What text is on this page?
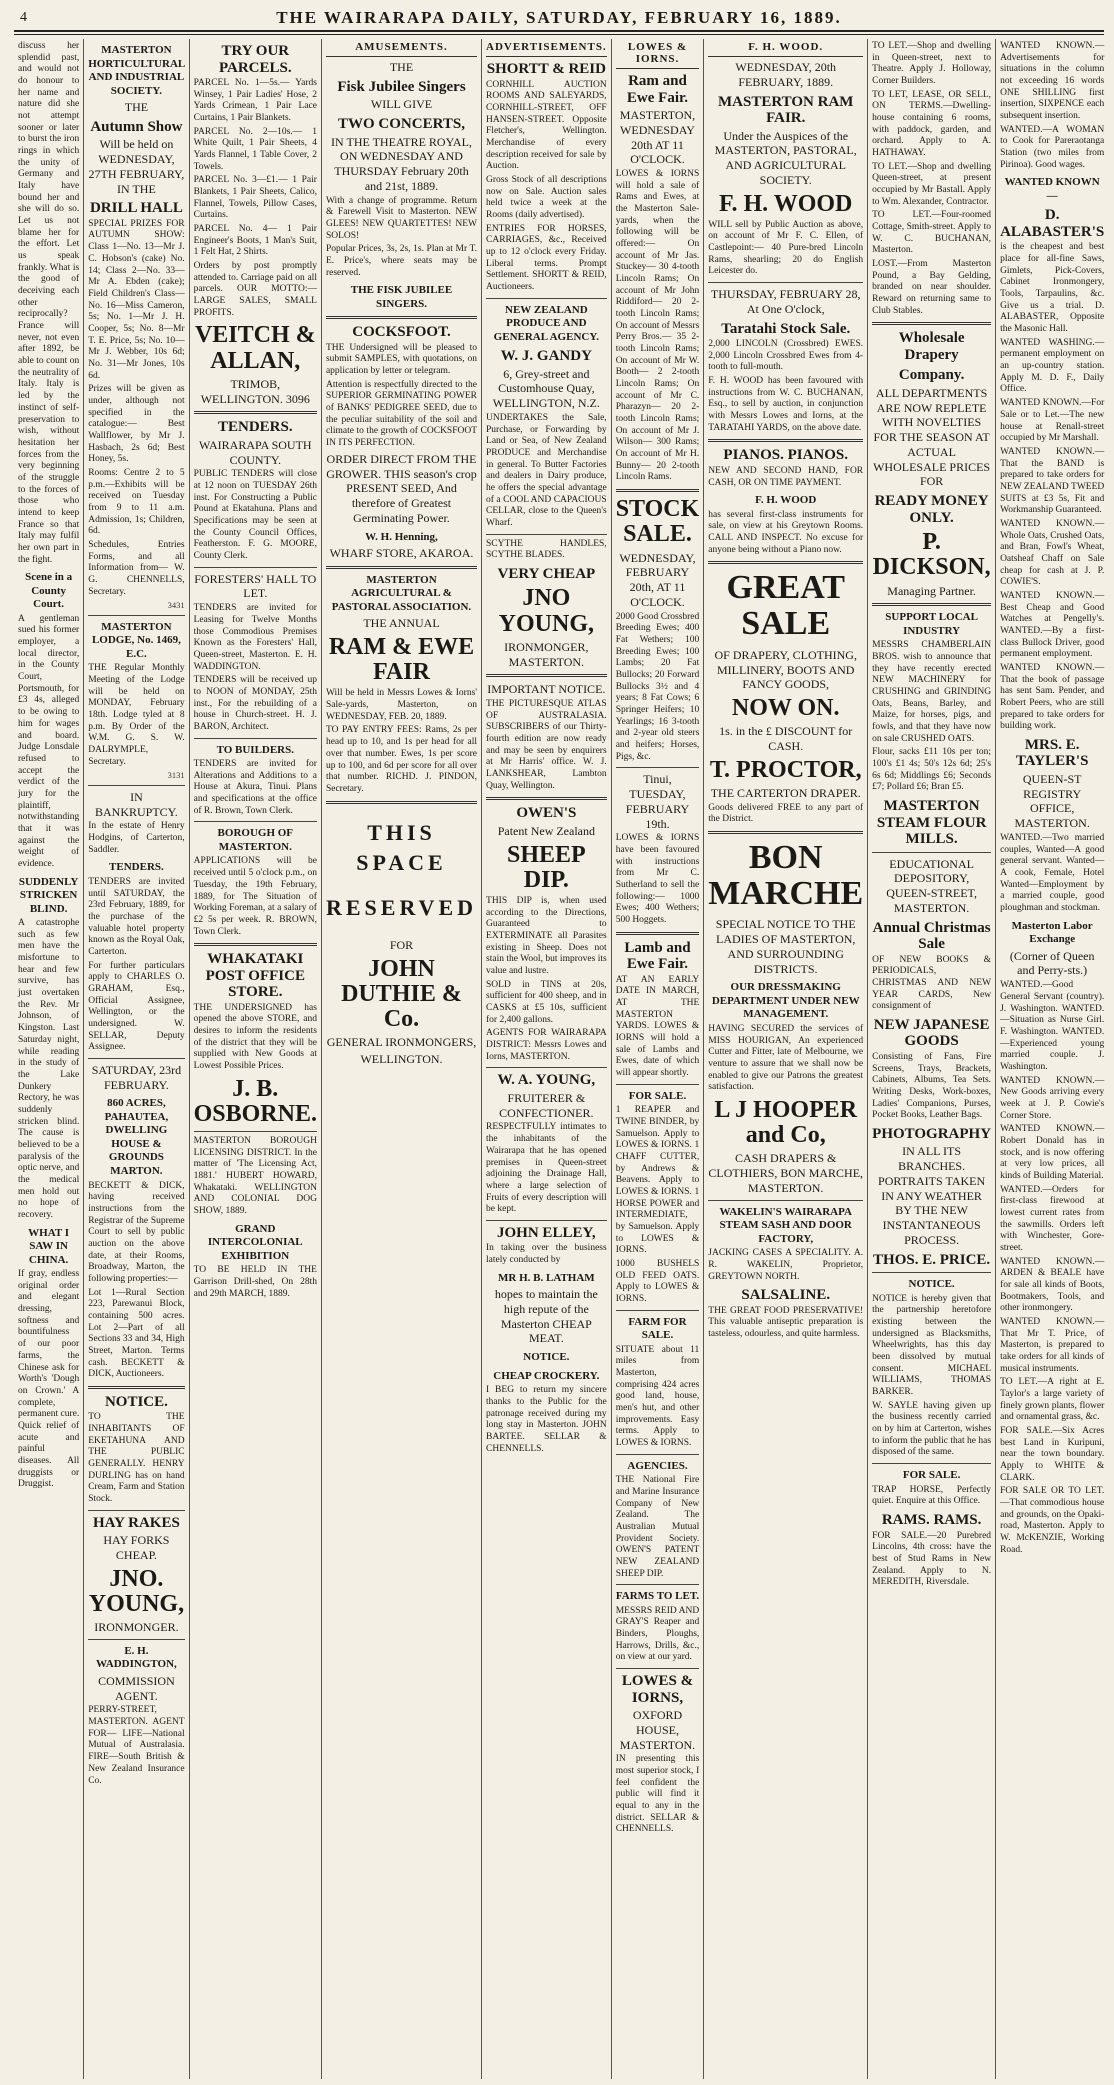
4	THE WAIRARAPA DAILY, SATURDAY, FEBRUARY 16, 1889.

discuss her splendid past, and would not do honour to her name and nature did she not attempt sooner or later to burst the iron rings in which the unity of Germany and Italy have bound her and she will do so. Let us not blame her for the effort. Let us speak frankly. What is the good of deceiving each other reciprocally? France will never, not even after 1892, be able to count on the neutrality of Italy. Italy is led by the instinct of self-preservation to wish, without hesitation her forces from the very beginning of the struggle to the forces of those who intend to keep France so that Italy may fulfil her own part in the fight.

Scene in a County Court.

A gentleman sued his former employer, a local director, in the County Court, Portsmouth, for £3 4s, alleged to be owing to him for wages and board. Judge Lonsdale refused to accept the verdict of the jury for the plaintiff, notwithstanding that it was against the weight of evidence.

SUDDENLY STRICKEN BLIND.

A catastrophe such as few men have the misfortune to hear and few survive, has just overtaken the Rev. Mr Johnson, of Kingston. Last Saturday night, while reading in the study of the Lake Dunkery Rectory, he was suddenly stricken blind. The cause is believed to be a paralysis of the optic nerve, and the medical men hold out no hope of recovery.

WHAT I SAW IN CHINA.

If gray, endless original order and elegant dressing, softness and bountifulness of our poor farms, the Chinese ask for Worth's 'Dough on Crown.' A complete, permanent cure. Quick relief of acute and painful diseases. All druggists or Druggist.

MASTERTON HORTICULTURAL AND INDUSTRIAL SOCIETY.
THE
Autumn Show
Will be held on WEDNESDAY, 27TH FEBRUARY, IN THE
DRILL HALL

SPECIAL PRIZES FOR AUTUMN SHOW: Class 1—No. 13—Mr J. C. Hobson's (cake) No. 14; Class 2—No. 33—Mr A. Ebden (cake); Field Children's Class—No. 16—Miss Cameron, 5s; No. 1—Mr J. H. Cooper, 5s; No. 8—Mr T. E. Price, 5s; No. 10—Mr J. Webber, 10s 6d; No. 31—Mr Jones, 10s 6d.

Prizes will be given as under, although not specified in the catalogue:— Best Wallflower, by Mr J. Hasbach, 2s 6d; Best Honey, 5s.

Rooms: Centre 2 to 5 p.m.—Exhibits will be received on Tuesday from 9 to 11 a.m. Admission, 1s; Children, 6d.

Schedules, Entries Forms, and all Information from— W. G. CHENNELLS, Secretary.

3431
MASTERTON LODGE, No. 1469, E.C.

THE Regular Monthly Meeting of the Lodge will be held on MONDAY, February 18th. Lodge tyled at 8 p.m. By Order of the W.M. G. S. W. DALRYMPLE, Secretary.

3131
IN BANKRUPTCY.

In the estate of Henry Hodgins, of Carterton, Saddler.

TENDERS.

TENDERS are invited until SATURDAY, the 23rd February, 1889, for the purchase of the valuable hotel property known as the Royal Oak, Carterton.

For further particulars apply to CHARLES O. GRAHAM, Esq., Official Assignee, Wellington, or the undersigned. W. SELLAR, Deputy Assignee.

SATURDAY, 23rd FEBRUARY.
860 ACRES, PAHAUTEA, DWELLING HOUSE & GROUNDS MARTON.

BECKETT & DICK, having received instructions from the Registrar of the Supreme Court to sell by public auction on the above date, at their Rooms, Broadway, Marton, the following properties:—

Lot 1—Rural Section 223, Parewanui Block, containing 500 acres. Lot 2—Part of all Sections 33 and 34, High Street, Marton. Terms cash. BECKETT & DICK, Auctioneers.

NOTICE.

TO THE INHABITANTS OF EKETAHUNA AND THE PUBLIC GENERALLY. HENRY DURLING has on hand Cream, Farm and Station Stock.

HAY RAKES
HAY FORKS CHEAP.
JNO. YOUNG,
IRONMONGER.
E. H. WADDINGTON,
COMMISSION AGENT.

PERRY-STREET, MASTERTON. AGENT FOR— LIFE—National Mutual of Australasia. FIRE—South British & New Zealand Insurance Co.

TRY OUR PARCELS.

PARCEL No. 1—5s.— Yards Winsey, 1 Pair Ladies' Hose, 2 Yards Crimean, 1 Pair Lace Curtains, 1 Pair Blankets.

PARCEL No. 2—10s.— 1 White Quilt, 1 Pair Sheets, 4 Yards Flannel, 1 Table Cover, 2 Towels.

PARCEL No. 3—£1.— 1 Pair Blankets, 1 Pair Sheets, Calico, Flannel, Towels, Pillow Cases, Curtains.

PARCEL No. 4— 1 Pair Engineer's Boots, 1 Man's Suit, 1 Felt Hat, 2 Shirts.

Orders by post promptly attended to. Carriage paid on all parcels. OUR MOTTO:—LARGE SALES, SMALL PROFITS.

VEITCH & ALLAN,
TRIMOB, WELLINGTON. 3096
TENDERS.
WAIRARAPA SOUTH COUNTY.

PUBLIC TENDERS will close at 12 noon on TUESDAY 26th inst. For Constructing a Public Pound at Ekatahuna. Plans and Specifications may be seen at the County Council Offices, Featherston. F. G. MOORE, County Clerk.

FORESTERS' HALL TO LET.

TENDERS are invited for Leasing for Twelve Months those Commodious Premises Known as the Foresters' Hall, Queen-street, Masterton. E. H. WADDINGTON.

TENDERS will be received up to NOON of MONDAY, 25th inst., For the rebuilding of a house in Church-street. H. J. BARON, Architect.

TO BUILDERS.

TENDERS are invited for Alterations and Additions to a House at Akura, Tinui. Plans and specifications at the office of R. Brown, Town Clerk.

BOROUGH OF MASTERTON.

APPLICATIONS will be received until 5 o'clock p.m., on Tuesday, the 19th February, 1889, for The Situation of Working Foreman, at a salary of £2 5s per week. R. BROWN, Town Clerk.

WHAKATAKI POST OFFICE STORE.

THE UNDERSIGNED has opened the above STORE, and desires to inform the residents of the district that they will be supplied with New Goods at Lowest Possible Prices.

J. B. OSBORNE.

MASTERTON BOROUGH LICENSING DISTRICT. In the matter of 'The Licensing Act, 1881.' HUBERT HOWARD, Whakataki. WELLINGTON AND COLONIAL DOG SHOW, 1889.

GRAND INTERCOLONIAL EXHIBITION

TO BE HELD IN THE Garrison Drill-shed, On 28th and 29th MARCH, 1889.

AMUSEMENTS.
THE
Fisk Jubilee Singers
WILL GIVE
TWO CONCERTS,
IN THE THEATRE ROYAL, ON WEDNESDAY AND THURSDAY February 20th and 21st, 1889.

With a change of programme. Return & Farewell Visit to Masterton. NEW GLEES! NEW QUARTETTES! NEW SOLOS!

Popular Prices, 3s, 2s, 1s. Plan at Mr T. E. Price's, where seats may be reserved.

THE FISK JUBILEE SINGERS.
COCKSFOOT.

THE Undersigned will be pleased to submit SAMPLES, with quotations, on application by letter or telegram.

Attention is respectfully directed to the SUPERIOR GERMINATING POWER of BANKS' PEDIGREE SEED, due to the peculiar suitability of the soil and climate to the growth of COCKSFOOT IN ITS PERFECTION.

ORDER DIRECT FROM THE GROWER. THIS season's crop PRESENT SEED, And therefore of Greatest Germinating Power.
W. H. Henning,
WHARF STORE, AKAROA.
MASTERTON AGRICULTURAL & PASTORAL ASSOCIATION.
THE ANNUAL
RAM & EWE FAIR

Will be held in Messrs Lowes & Iorns' Sale-yards, Masterton, on WEDNESDAY, FEB. 20, 1889.

TO PAY ENTRY FEES: Rams, 2s per head up to 10, and 1s per head for all over that number. Ewes, 1s per score up to 100, and 6d per score for all over that number. RICHD. J. PINDON, Secretary.

THIS SPACE
RESERVED
FOR
JOHN DUTHIE & Co.
GENERAL IRONMONGERS,
WELLINGTON.
ADVERTISEMENTS.
SHORTT & REID

CORNHILL AUCTION ROOMS AND SALEYARDS, CORNHILL-STREET, OFF HANSEN-STREET. Opposite Fletcher's, Wellington. Merchandise of every description received for sale by Auction.

Gross Stock of all descriptions now on Sale. Auction sales held twice a week at the Rooms (daily advertised).

ENTRIES FOR HORSES, CARRIAGES, &c., Received up to 12 o'clock every Friday. Liberal terms. Prompt Settlement. SHORTT & REID, Auctioneers.

NEW ZEALAND PRODUCE AND GENERAL AGENCY.
W. J. GANDY
6, Grey-street and Customhouse Quay, WELLINGTON, N.Z.

UNDERTAKES the Sale, Purchase, or Forwarding by Land or Sea, of New Zealand PRODUCE and Merchandise in general. To Butter Factories and dealers in Dairy produce, he offers the special advantage of a COOL AND CAPACIOUS CELLAR, close to the Queen's Wharf.

SCYTHE HANDLES, SCYTHE BLADES.

VERY CHEAP
JNO YOUNG,
IRONMONGER, MASTERTON.
IMPORTANT NOTICE.

THE PICTURESQUE ATLAS OF AUSTRALASIA. SUBSCRIBERS of our Thirty-fourth edition are now ready and may be seen by enquirers at Mr Harris' office. W. J. LANKSHEAR, Lambton Quay, Wellington.

OWEN'S
Patent New Zealand
SHEEP DIP.

THIS DIP is, when used according to the Directions, Guaranteed to EXTERMINATE all Parasites existing in Sheep. Does not stain the Wool, but improves its value and lustre.

SOLD in TINS at 20s, sufficient for 400 sheep, and in CASKS at £5 10s, sufficient for 2,400 gallons.

AGENTS FOR WAIRARAPA DISTRICT: Messrs Lowes and Iorns, MASTERTON.

W. A. YOUNG,
FRUITERER & CONFECTIONER.

RESPECTFULLY intimates to the inhabitants of the Wairarapa that he has opened premises in Queen-street adjoining the Drainage Hall, where a large selection of Fruits of every description will be kept.

JOHN ELLEY,

In taking over the business lately conducted by

MR H. B. LATHAM
hopes to maintain the high repute of the Masterton CHEAP MEAT.
NOTICE.
CHEAP CROCKERY.

I BEG to return my sincere thanks to the Public for the patronage received during my long stay in Masterton. JOHN BARTEE. SELLAR & CHENNELLS.

LOWES & IORNS.
Ram and Ewe Fair.
MASTERTON, WEDNESDAY 20th AT 11 O'CLOCK.

LOWES & IORNS will hold a sale of Rams and Ewes, at the Masterton Sale-yards, when the following will be offered:— On account of Mr Jas. Stuckey— 30 4-tooth Lincoln Rams; On account of Mr John Riddiford— 20 2-tooth Lincoln Rams; On account of Messrs Perry Bros.— 35 2-tooth Lincoln Rams; On account of Mr W. Booth— 2 2-tooth Lincoln Rams; On account of Mr C. Pharazyn— 20 2-tooth Lincoln Rams; On account of Mr J. Wilson— 300 Rams; On account of Mr H. Bunny— 20 2-tooth Lincoln Rams.

STOCK SALE.
WEDNESDAY, FEBRUARY 20th, AT 11 O'CLOCK.

2000 Good Crossbred Breeding Ewes; 400 Fat Wethers; 100 Breeding Ewes; 100 Lambs; 20 Fat Bullocks; 20 Forward Bullocks 3½ and 4 years; 8 Fat Cows; 6 Springer Heifers; 10 Yearlings; 16 3-tooth and 2-year old steers and heifers; Horses, Pigs, &c.

Tinui, TUESDAY, FEBRUARY 19th.

LOWES & IORNS have been favoured with instructions from Mr C. Sutherland to sell the following:— 1000 Ewes; 400 Wethers; 500 Hoggets.

Lamb and Ewe Fair.

AT AN EARLY DATE IN MARCH, AT THE MASTERTON YARDS. LOWES & IORNS will hold a sale of Lambs and Ewes, date of which will appear shortly.

FOR SALE.

1 REAPER and TWINE BINDER, by Samuelson. Apply to LOWES & IORNS. 1 CHAFF CUTTER, by Andrews & Beavens. Apply to LOWES & IORNS. 1 HORSE POWER and INTERMEDIATE, by Samuelson. Apply to LOWES & IORNS.

1000 BUSHELS OLD FEED OATS. Apply to LOWES & IORNS.

FARM FOR SALE.

SITUATE about 11 miles from Masterton, comprising 424 acres good land, house, men's hut, and other improvements. Easy terms. Apply to LOWES & IORNS.

AGENCIES.

THE National Fire and Marine Insurance Company of New Zealand. The Australian Mutual Provident Society. OWEN'S PATENT NEW ZEALAND SHEEP DIP.

FARMS TO LET.

MESSRS REID AND GRAY'S Reaper and Binders, Ploughs, Harrows, Drills, &c., on view at our yard.

LOWES & IORNS,
OXFORD HOUSE, MASTERTON.

IN presenting this most superior stock, I feel confident the public will find it equal to any in the district. SELLAR & CHENNELLS.

F. H. WOOD.
WEDNESDAY, 20th FEBRUARY, 1889.
MASTERTON RAM FAIR.
Under the Auspices of the MASTERTON, PASTORAL, AND AGRICULTURAL SOCIETY.
F. H. WOOD

WILL sell by Public Auction as above, on account of Mr F. C. Ellen, of Castlepoint:— 40 Pure-bred Lincoln Rams, shearling; 20 do English Leicester do.

THURSDAY, FEBRUARY 28, At One O'clock,
Taratahi Stock Sale.

2,000 LINCOLN (Crossbred) EWES. 2,000 Lincoln Crossbred Ewes from 4-tooth to full-mouth.

F. H. WOOD has been favoured with instructions from W. C. BUCHANAN, Esq., to sell by auction, in conjunction with Messrs Lowes and Iorns, at the TARATAHI YARDS, on the above date.

PIANOS. PIANOS.

NEW AND SECOND HAND, FOR CASH, OR ON TIME PAYMENT.

F. H. WOOD

has several first-class instruments for sale, on view at his Greytown Rooms. CALL AND INSPECT. No excuse for anyone being without a Piano now.

GREAT SALE
OF DRAPERY, CLOTHING, MILLINERY, BOOTS AND FANCY GOODS,
NOW ON.
1s. in the £ DISCOUNT for CASH.
T. PROCTOR,
THE CARTERTON DRAPER.

Goods delivered FREE to any part of the District.

BON MARCHE
SPECIAL NOTICE TO THE LADIES OF MASTERTON, AND SURROUNDING DISTRICTS.
OUR DRESSMAKING DEPARTMENT UNDER NEW MANAGEMENT.

HAVING SECURED the services of MISS HOURIGAN, An experienced Cutter and Fitter, late of Melbourne, we venture to assure that we shall now be enabled to give our Patrons the greatest satisfaction.

L J HOOPER and Co,
CASH DRAPERS & CLOTHIERS, BON MARCHE, MASTERTON.
WAKELIN'S WAIRARAPA STEAM SASH AND DOOR FACTORY,

JACKING CASES A SPECIALITY. A. R. WAKELIN, Proprietor, GREYTOWN NORTH.

SALSALINE.

THE GREAT FOOD PRESERVATIVE! This valuable antiseptic preparation is tasteless, odourless, and quite harmless.

TO LET.—Shop and dwelling in Queen-street, next to Theatre. Apply J. Holloway, Corner Builders.

TO LET, LEASE, OR SELL, ON TERMS.—Dwelling-house containing 6 rooms, with paddock, garden, and orchard. Apply to A. HATHAWAY.

TO LET.—Shop and dwelling Queen-street, at present occupied by Mr Bastall. Apply to Wm. Alexander, Contractor.

TO LET.—Four-roomed Cottage, Smith-street. Apply to W. C. BUCHANAN, Masterton.

LOST.—From Masterton Pound, a Bay Gelding, branded on near shoulder. Reward on returning same to Club Stables.

Wholesale Drapery
Company.
ALL DEPARTMENTS ARE NOW REPLETE WITH NOVELTIES FOR THE SEASON AT ACTUAL WHOLESALE PRICES FOR
READY MONEY ONLY.
P. DICKSON,
Managing Partner.
SUPPORT LOCAL INDUSTRY

MESSRS CHAMBERLAIN BROS. wish to announce that they have recently erected NEW MACHINERY for CRUSHING and GRINDING Oats, Beans, Barley, and Maize, for horses, pigs, and fowls, and that they have now on sale CRUSHED OATS.

Flour, sacks £11 10s per ton; 100's £1 4s; 50's 12s 6d; 25's 6s 6d; Middlings £6; Seconds £7; Pollard £6; Bran £5.

MASTERTON STEAM FLOUR MILLS.
EDUCATIONAL DEPOSITORY, QUEEN-STREET, MASTERTON.
Annual Christmas Sale

OF NEW BOOKS & PERIODICALS, CHRISTMAS AND NEW YEAR CARDS, New consignment of

NEW JAPANESE GOODS

Consisting of Fans, Fire Screens, Trays, Brackets, Cabinets, Albums, Tea Sets. Writing Desks, Work-boxes, Ladies' Companions, Purses, Pocket Books, Leather Bags.

PHOTOGRAPHY
IN ALL ITS BRANCHES. PORTRAITS TAKEN IN ANY WEATHER BY THE NEW INSTANTANEOUS PROCESS.
THOS. E. PRICE.
NOTICE.

NOTICE is hereby given that the partnership heretofore existing between the undersigned as Blacksmiths, Wheelwrights, has this day been dissolved by mutual consent. MICHAEL WILLIAMS, THOMAS BARKER.

W. SAYLE having given up the business recently carried on by him at Carterton, wishes to inform the public that he has disposed of the same.

FOR SALE.

TRAP HORSE, Perfectly quiet. Enquire at this Office.

RAMS. RAMS.

FOR SALE.—20 Purebred Lincolns, 4th cross: have the best of Stud Rams in New Zealand. Apply to N. MEREDITH, Riversdale.

WANTED KNOWN.—Advertisements for situations in the column not exceeding 16 words ONE SHILLING first insertion, SIXPENCE each subsequent insertion.

WANTED.—A WOMAN to Cook for Pareraotanga Station (two miles from Pirinoa). Good wages.

WANTED KNOWN—
D. ALABASTER'S

is the cheapest and best place for all-fine Saws, Gimlets, Pick-Covers, Cabinet Ironmongery, Tools, Tarpaulins, &c. Give us a trial. D. ALABASTER, Opposite the Masonic Hall.

WANTED WASHING.—permanent employment on an up-country station. Apply M. D. F., Daily Office.

WANTED KNOWN.—For Sale or to Let.—The new house at Renall-street occupied by Mr Marshall.

WANTED KNOWN.—That the BAND is prepared to take orders for NEW ZEALAND TWEED SUITS at £3 5s, Fit and Workmanship Guaranteed.

WANTED KNOWN.—Whole Oats, Crushed Oats, and Bran, Fowl's Wheat, Oatsheaf Chaff on Sale cheap for cash at J. P. COWIE'S.

WANTED KNOWN.—Best Cheap and Good Watches at Pengelly's. WANTED.—By a first-class Bullock Driver, good permanent employment.

WANTED KNOWN.—That the book of passage has sent Sam. Pender, and Robert Peers, who are still prepared to take orders for building work.

MRS. E. TAYLER'S
QUEEN-ST REGISTRY OFFICE, MASTERTON.

WANTED.—Two married couples, Wanted—A good general servant. Wanted—A cook, Female, Hotel Wanted—Employment by a married couple, good ploughman and stockman.

Masterton Labor Exchange
(Corner of Queen and Perry-sts.)

WANTED.—Good General Servant (country). J. Washington. WANTED.—Situation as Nurse Girl. F. Washington. WANTED.—Experienced young married couple. J. Washington.

WANTED KNOWN.—New Goods arriving every week at J. P. Cowie's Corner Store.

WANTED KNOWN.—Robert Donald has in stock, and is now offering at very low prices, all kinds of Building Material.

WANTED.—Orders for first-class firewood at lowest current rates from the sawmills. Orders left with Winchester, Gore-street.

WANTED KNOWN.—ARDEN & BEALE have for sale all kinds of Boots, Bootmakers, Tools, and other ironmongery.

WANTED KNOWN.—That Mr T. Price, of Masterton, is prepared to take orders for all kinds of musical instruments.

TO LET.—A right at E. Taylor's a large variety of finely grown plants, flower and ornamental grass, &c.

FOR SALE.—Six Acres best Land in Kuripuni, near the town boundary. Apply to WHITE & CLARK.

FOR SALE OR TO LET.—That commodious house and grounds, on the Opaki-road, Masterton. Apply to W. McKENZIE, Working Road.
